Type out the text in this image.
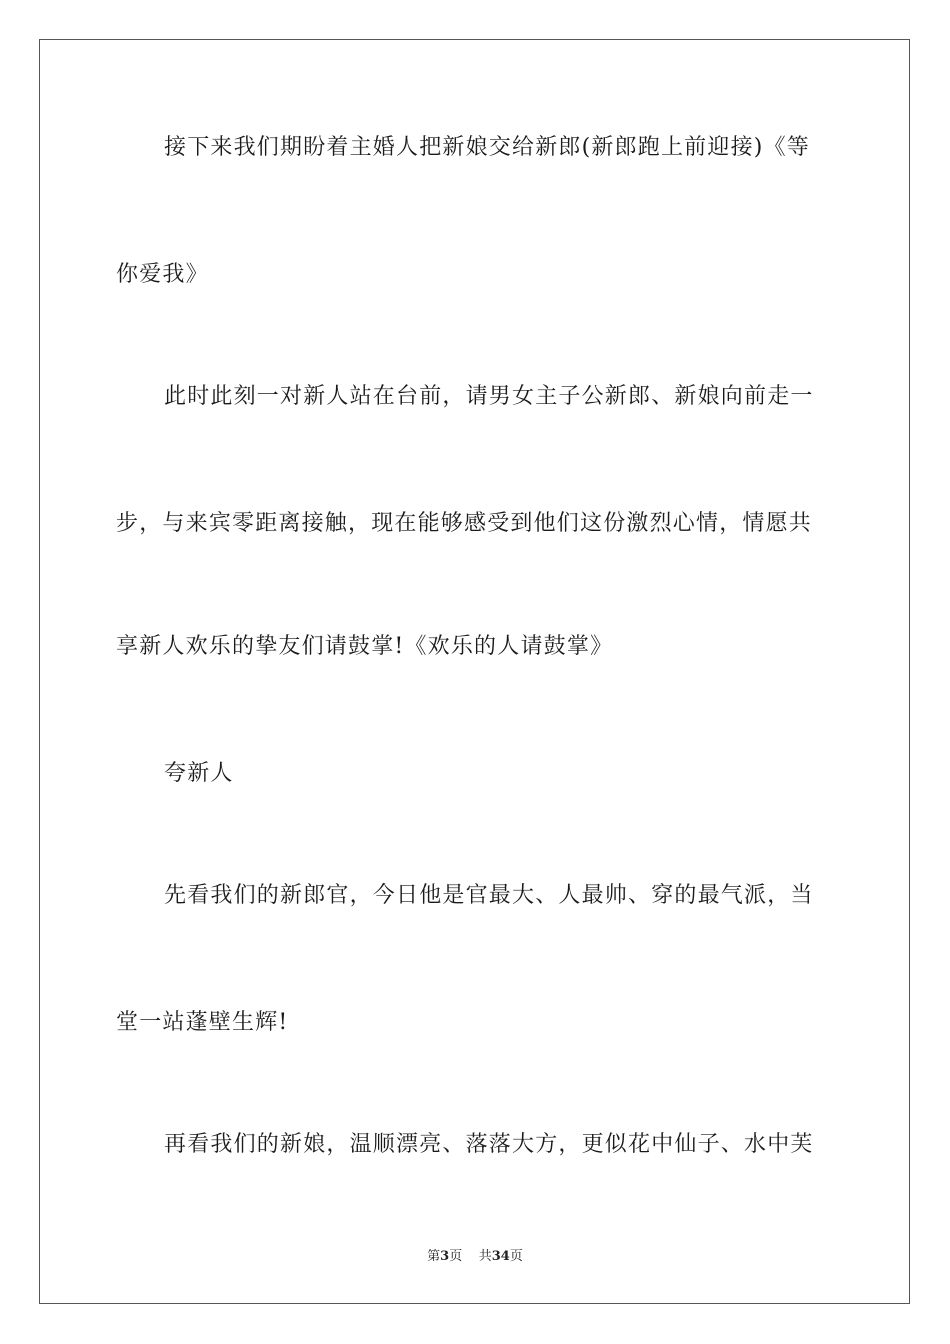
接下来我们期盼着主婚人把新娘交给新郎(新郎跑上前迎接)《等
你爱我》
此时此刻一对新人站在台前，请男女主子公新郎、新娘向前走一
步，与来宾零距离接触，现在能够感受到他们这份激烈心情，情愿共
享新人欢乐的挚友们请鼓掌!《欢乐的人请鼓掌》
夸新人
先看我们的新郎官，今日他是官最大、人最帅、穿的最气派，当
堂一站蓬壁生辉!
再看我们的新娘，温顺漂亮、落落大方，更似花中仙子、水中芙
第3页 共34页
